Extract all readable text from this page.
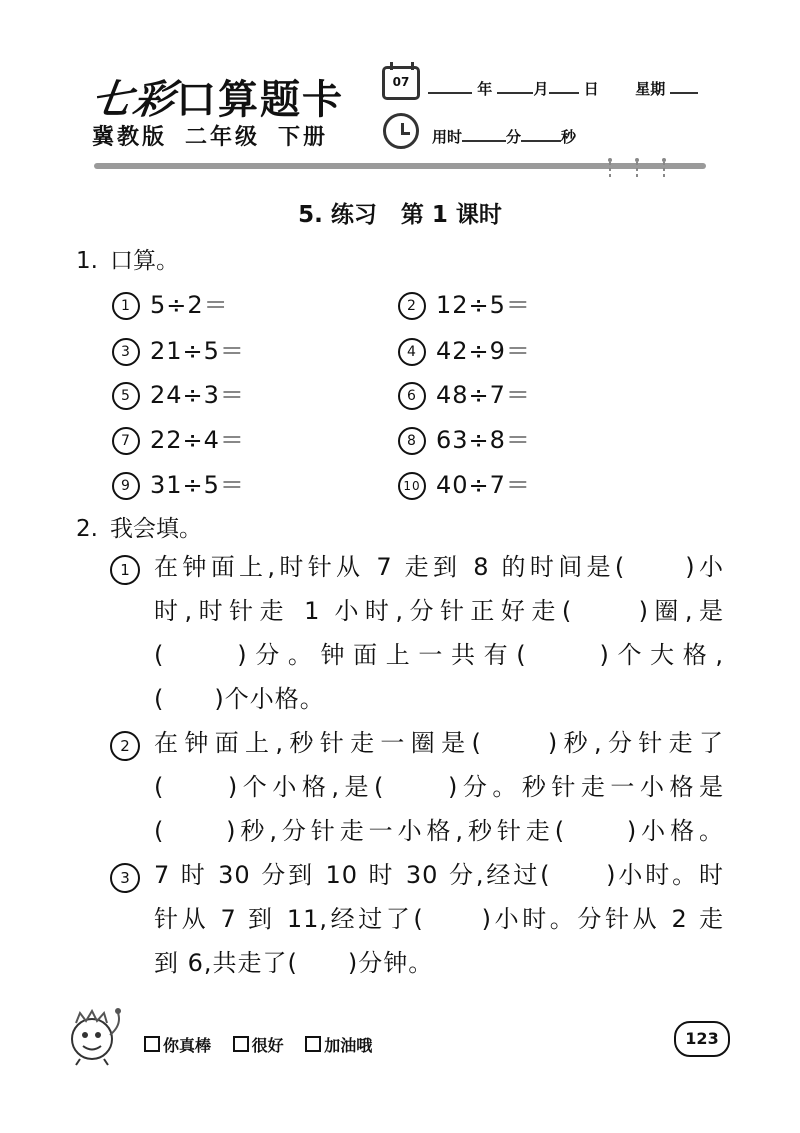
七彩口算题卡
冀教版 二年级 下册
07	年	月 日 星期
用时	分	秒
5. 练习 第 1 课时
1. 口算。
1 5÷2＝	2 12÷5＝
3 21÷5＝	4 42÷9＝
5 24÷3＝	6 48÷7＝
7 22÷4＝	8 63÷8＝
9 31÷5＝	10 40÷7＝
2. 我会填。
1	在钟面上,时针从 7 走到 8 的时间是(　　)小
时,时针走 1 小时,分针正好走(　　)圈,是
(　　)分。钟面上一共有(　　)个大格,
(　　)个小格。
2	在钟面上,秒针走一圈是(　　)秒,分针走了
(　　)个小格,是(　　)分。秒针走一小格是
(　　)秒,分针走一小格,秒针走(　　)小格。
3	7 时 30 分到 10 时 30 分,经过(　　)小时。时
针从 7 到 11,经过了(　　)小时。分针从 2 走
到 6,共走了(　　)分钟。
你真棒	很好	加油哦	123
